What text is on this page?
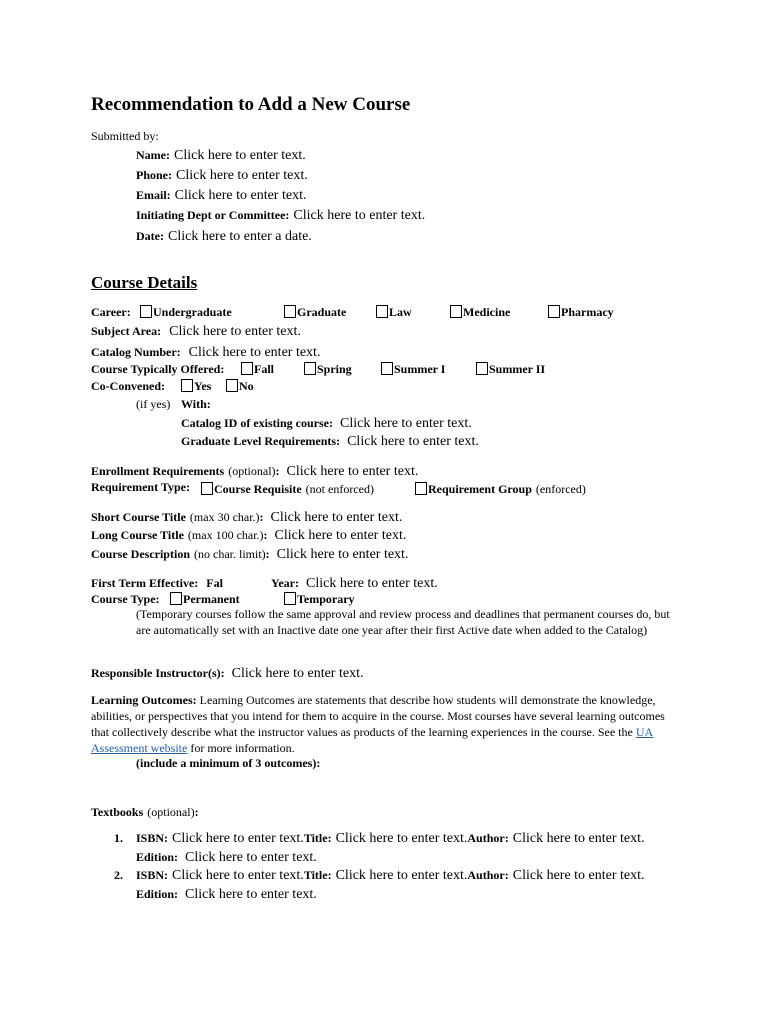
Recommendation to Add a New Course
Submitted by:
Name: Click here to enter text.
Phone: Click here to enter text.
Email: Click here to enter text.
Initiating Dept or Committee: Click here to enter text.
Date: Click here to enter a date.
Course Details
Career:	Undergraduate	Graduate	Law	Medicine	Pharmacy
Subject Area: Click here to enter text.
Catalog Number: Click here to enter text.
Course Typically Offered:	Fall	Spring	Summer I	Summer II
Co-Convened:	Yes	No
(if yes) With:
Catalog ID of existing course: Click here to enter text.
Graduate Level Requirements: Click here to enter text.
Enrollment Requirements (optional): Click here to enter text.
Requirement Type:	Course Requisite (not enforced)	Requirement Group (enforced)
Short Course Title (max 30 char.): Click here to enter text.
Long Course Title (max 100 char.): Click here to enter text.
Course Description (no char. limit): Click here to enter text.
First Term Effective: Fal	Year: Click here to enter text.
Course Type:	Permanent	Temporary
(Temporary courses follow the same approval and review process and deadlines that permanent courses do, but are automatically set with an Inactive date one year after their first Active date when added to the Catalog)
Responsible Instructor(s): Click here to enter text.
Learning Outcomes: Learning Outcomes are statements that describe how students will demonstrate the knowledge, abilities, or perspectives that you intend for them to acquire in the course. Most courses have several learning outcomes that collectively describe what the instructor values as products of the learning experiences in the course. See the UA Assessment website for more information.
(include a minimum of 3 outcomes):
Textbooks (optional):
1. ISBN: Click here to enter text.Title: Click here to enter text.Author: Click here to enter text.
Edition: Click here to enter text.
2. ISBN: Click here to enter text.Title: Click here to enter text.Author: Click here to enter text.
Edition: Click here to enter text.
